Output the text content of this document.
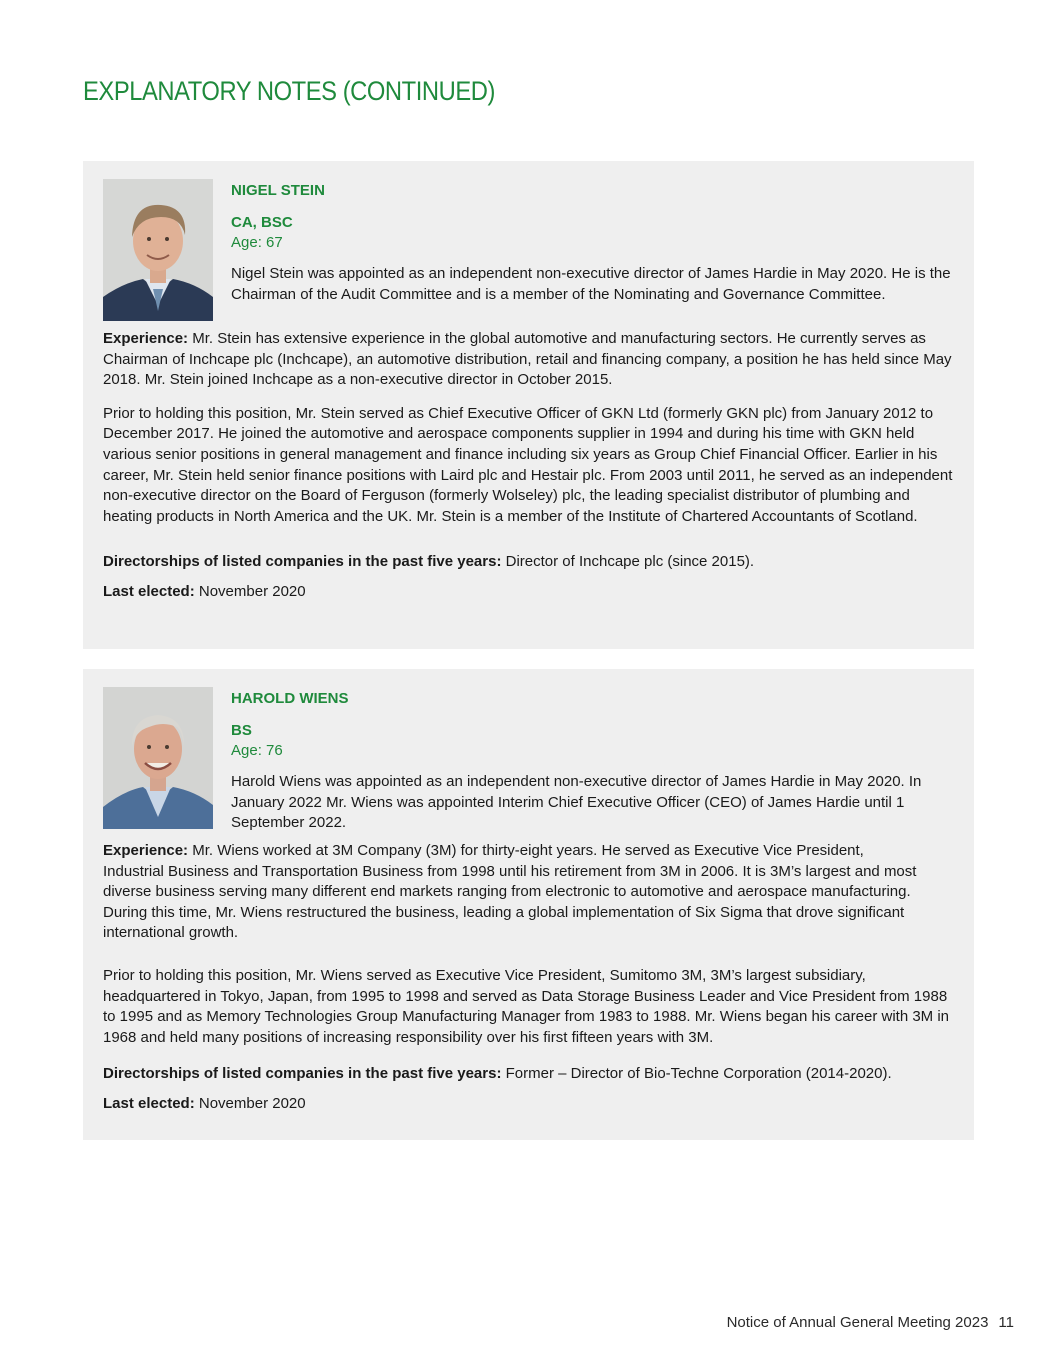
EXPLANATORY NOTES (CONTINUED)

NIGEL STEIN

CA, BSC

Age: 67

Nigel Stein was appointed as an independent non-executive director of James Hardie in May 2020. He is the Chairman of the Audit Committee and is a member of the Nominating and Governance Committee.

Experience: Mr. Stein has extensive experience in the global automotive and manufacturing sectors. He currently serves as Chairman of Inchcape plc (Inchcape), an automotive distribution, retail and financing company, a position he has held since May 2018. Mr. Stein joined Inchcape as a non-executive director in October 2015.

Prior to holding this position, Mr. Stein served as Chief Executive Officer of GKN Ltd (formerly GKN plc) from January 2012 to December 2017. He joined the automotive and aerospace components supplier in 1994 and during his time with GKN held various senior positions in general management and finance including six years as Group Chief Financial Officer. Earlier in his career, Mr. Stein held senior finance positions with Laird plc and Hestair plc. From 2003 until 2011, he served as an independent non-executive director on the Board of Ferguson (formerly Wolseley) plc, the leading specialist distributor of plumbing and heating products in North America and the UK. Mr. Stein is a member of the Institute of Chartered Accountants of Scotland.

Directorships of listed companies in the past five years: Director of Inchcape plc (since 2015).

Last elected: November 2020

HAROLD WIENS

BS

Age: 76

Harold Wiens was appointed as an independent non-executive director of James Hardie in May 2020. In January 2022 Mr. Wiens was appointed Interim Chief Executive Officer (CEO) of James Hardie until 1 September 2022.

Experience: Mr. Wiens worked at 3M Company (3M) for thirty-eight years. He served as Executive Vice President, Industrial Business and Transportation Business from 1998 until his retirement from 3M in 2006. It is 3M’s largest and most diverse business serving many different end markets ranging from electronic to automotive and aerospace manufacturing. During this time, Mr. Wiens restructured the business, leading a global implementation of Six Sigma that drove significant international growth.

Prior to holding this position, Mr. Wiens served as Executive Vice President, Sumitomo 3M, 3M’s largest subsidiary, headquartered in Tokyo, Japan, from 1995 to 1998 and served as Data Storage Business Leader and Vice President from 1988 to 1995 and as Memory Technologies Group Manufacturing Manager from 1983 to 1988. Mr. Wiens began his career with 3M in 1968 and held many positions of increasing responsibility over his first fifteen years with 3M.

Directorships of listed companies in the past five years: Former – Director of Bio-Techne Corporation (2014-2020).

Last elected: November 2020

Notice of Annual General Meeting 2023 11
